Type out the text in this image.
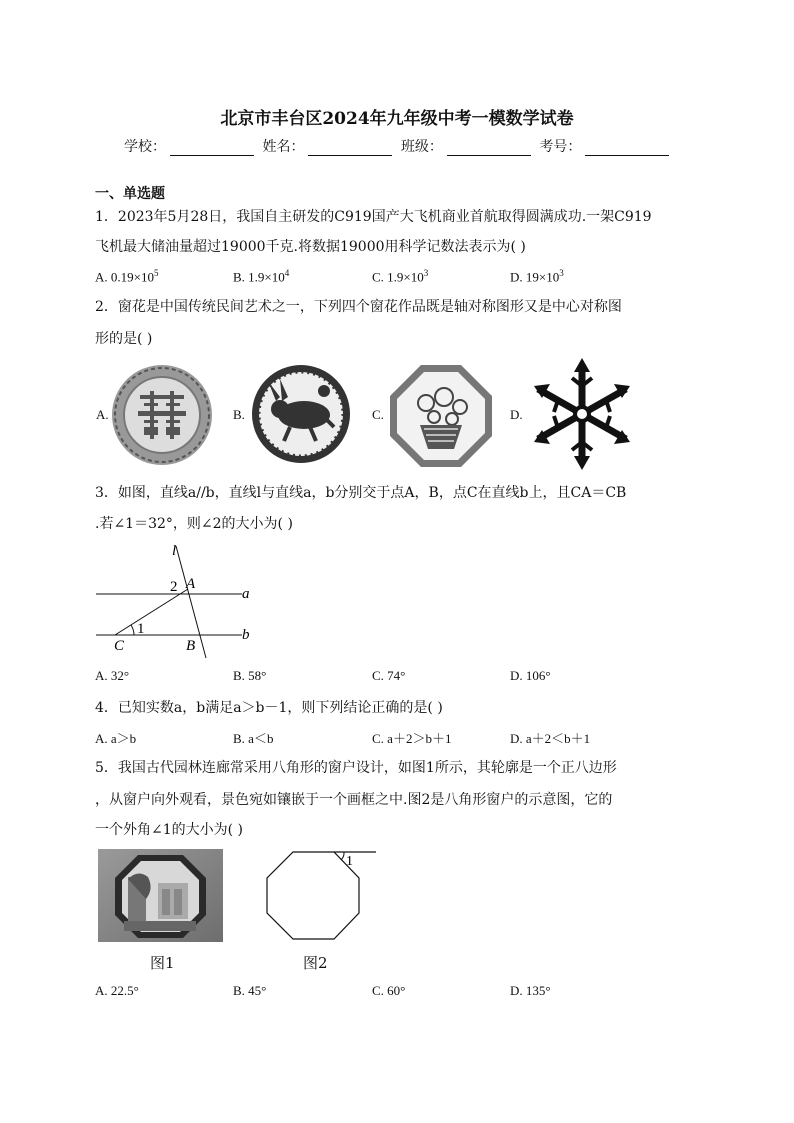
北京市丰台区2024年九年级中考一模数学试卷
学校：	姓名：	班级：	考号：
一、单选题
1．2023年5月28日，我国自主研发的C919国产大飞机商业首航取得圆满成功.一架C919
飞机最大储油量超过19000千克.将数据19000用科学记数法表示为( )
A. $0.19\times 10^5$	B. $1.9\times 10^4$	C. $1.9\times 10^3$	D. $19\times 10^3$
2．窗花是中国传统民间艺术之一，下列四个窗花作品既是轴对称图形又是中心对称图
形的是( )
A.	B.	C.	D.
3．如图，直线a//b，直线l与直线a，b分别交于点A，B，点C在直线b上，且CA＝CB
.若∠1＝32°，则∠2的大小为( )
l
2 A
a
1
C	B
b
A. 32°	B. 58°	C. 74°	D. 106°
4．已知实数a，b满足a＞b－1，则下列结论正确的是( )
A. a＞b	B. a＜b	C. a＋2＞b＋1	D. a＋2＜b＋1
5．我国古代园林连廊常采用八角形的窗户设计，如图1所示，其轮廓是一个正八边形
，从窗户向外观看，景色宛如镶嵌于一个画框之中.图2是八角形窗户的示意图，它的
一个外角∠1的大小为( )
图1
1
图2
A. 22.5°	B. 45°	C. 60°	D. 135°
